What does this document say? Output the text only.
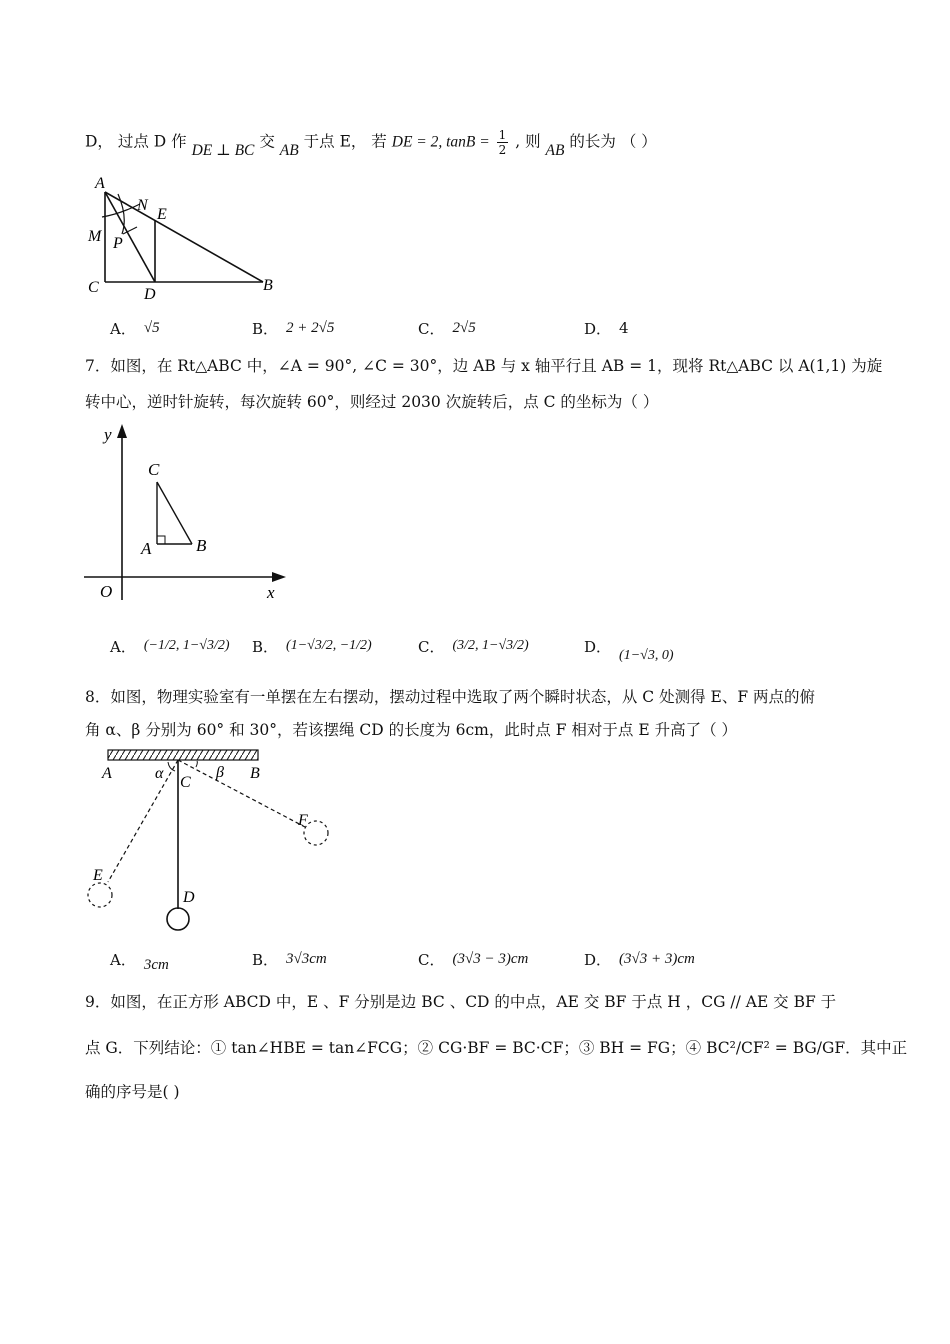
D， 过点 D 作 DE ⊥ BC 交 AB 于点 E， 若 DE = 2, $\tan B = \frac{1}{2}$ , 则 AB 的长为 （ ）
A
N
E
M P
C	D
B
A． √5	B． 2 + 2√5	C． 2√5	D． 4
7．如图，在 Rt△ABC 中，∠A = 90°, ∠C = 30°，边 AB 与 x 轴平行且 AB = 1，现将 Rt△ABC 以 A(1,1) 为旋
转中心，逆时针旋转，每次旋转 60°，则经过 2030 次旋转后，点 C 的坐标为（ ）
y
C
A	B
O	x
A． (−1/2, 1−√3/2) B． (1−√3/2, −1/2)	C． (3/2, 1−√3/2)	D． (1−√3, 0)
8．如图，物理实验室有一单摆在左右摆动，摆动过程中选取了两个瞬时状态，从 C 处测得 E、F 两点的俯
角 α、β 分别为 60° 和 30°，若该摆绳 CD 的长度为 6cm，此时点 F 相对于点 E 升高了（ ）
A	α
C
β B
F
E
D
A． 3cm	B． 3√3cm	C． (3√3 − 3)cm	D． (3√3 + 3)cm
9．如图，在正方形 ABCD 中，E 、F 分别是边 BC 、CD 的中点，AE 交 BF 于点 H ，CG // AE 交 BF 于
点 G．下列结论：① tan∠HBE = tan∠FCG；② CG·BF = BC·CF；③ BH = FG；④ BC²/CF² = BG/GF．其中正
确的序号是( )
